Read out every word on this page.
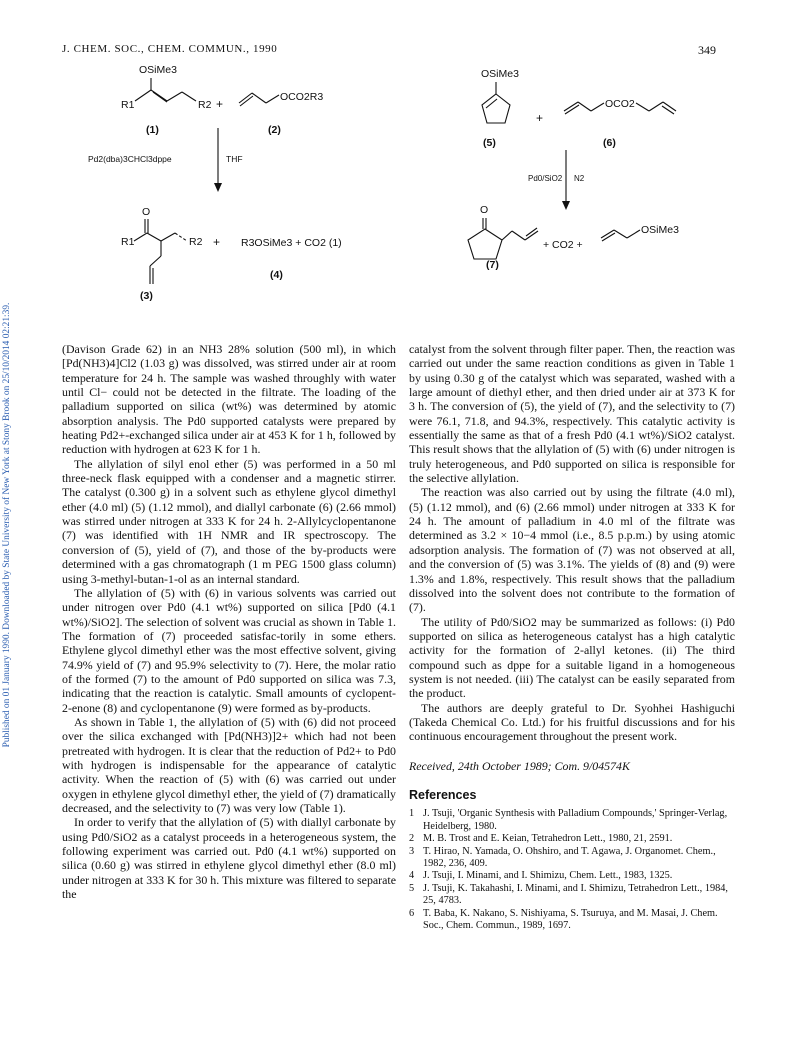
J. CHEM. SOC., CHEM. COMMUN., 1990	349
Published on 01 January 1990. Downloaded by State University of New York at Stony Brook on 25/10/2014 02:21:39.
OSiMe3
R1	R2
(1)
+	OCO2R3
(2)
Pd2(dba)3CHCl3dppe	THF
O
R1	R2
(3)
+ R3OSiMe3 + CO2 (1)
(4)
OSiMe3
(5)
+
OCO2
(6)
Pd0/SiO2 N2
O
(7)
+ CO2 +
OSiMe3

(Davison Grade 62) in an NH3 28% solution (500 ml), in which [Pd(NH3)4]Cl2 (1.03 g) was dissolved, was stirred under air at room temperature for 24 h. The sample was washed throughly with water until Cl− could not be detected in the filtrate. The loading of the palladium supported on silica (wt%) was determined by atomic absorption analysis. The Pd0 supported catalysts were prepared by heating Pd2+-exchanged silica under air at 453 K for 1 h, followed by reduction with hydrogen at 623 K for 1 h.

The allylation of silyl enol ether (5) was performed in a 50 ml three-neck flask equipped with a condenser and a magnetic stirrer. The catalyst (0.300 g) in a solvent such as ethylene glycol dimethyl ether (4.0 ml) (5) (1.12 mmol), and diallyl carbonate (6) (2.66 mmol) was stirred under nitrogen at 333 K for 24 h. 2-Allylcyclopentanone (7) was identified with 1H NMR and IR spectroscopy. The conversion of (5), yield of (7), and those of the by-products were determined with a gas chromatograph (1 m PEG 1500 glass column) using 3-methyl-butan-1-ol as an internal standard.

The allylation of (5) with (6) in various solvents was carried out under nitrogen over Pd0 (4.1 wt%) supported on silica [Pd0 (4.1 wt%)/SiO2]. The selection of solvent was crucial as shown in Table 1. The formation of (7) proceeded satisfac-torily in some ethers. Ethylene glycol dimethyl ether was the most effective solvent, giving 74.9% yield of (7) and 95.9% selectivity to (7). Here, the molar ratio of the formed (7) to the amount of Pd0 supported on silica was 7.3, indicating that the reaction is catalytic. Small amounts of cyclopent-2-enone (8) and cyclopentanone (9) were formed as by-products.

As shown in Table 1, the allylation of (5) with (6) did not proceed over the silica exchanged with [Pd(NH3)]2+ which had not been pretreated with hydrogen. It is clear that the reduction of Pd2+ to Pd0 with hydrogen is indispensable for the appearance of catalytic activity. When the reaction of (5) with (6) was carried out under oxygen in ethylene glycol dimethyl ether, the yield of (7) dramatically decreased, and the selectivity to (7) was very low (Table 1).

In order to verify that the allylation of (5) with diallyl carbonate by using Pd0/SiO2 as a catalyst proceeds in a heterogeneous system, the following experiment was carried out. Pd0 (4.1 wt%) supported on silica (0.60 g) was stirred in ethylene glycol dimethyl ether (8.0 ml) under nitrogen at 333 K for 30 h. This mixture was filtered to separate the

catalyst from the solvent through filter paper. Then, the reaction was carried out under the same reaction conditions as given in Table 1 by using 0.30 g of the catalyst which was separated, washed with a large amount of diethyl ether, and then dried under air at 373 K for 3 h. The conversion of (5), the yield of (7), and the selectivity to (7) were 76.1, 71.8, and 94.3%, respectively. This catalytic activity is essentially the same as that of a fresh Pd0 (4.1 wt%)/SiO2 catalyst. This result shows that the allylation of (5) with (6) under nitrogen is truly heterogeneous, and Pd0 supported on silica is responsible for the selective allylation.

The reaction was also carried out by using the filtrate (4.0 ml), (5) (1.12 mmol), and (6) (2.66 mmol) under nitrogen at 333 K for 24 h. The amount of palladium in 4.0 ml of the filtrate was determined as 3.2 × 10−4 mmol (i.e., 8.5 p.p.m.) by using atomic adsorption analysis. The formation of (7) was not observed at all, and the conversion of (5) was 3.1%. The yields of (8) and (9) were 1.3% and 1.8%, respectively. This result shows that the palladium dissolved into the solvent does not contribute to the formation of (7).

The utility of Pd0/SiO2 may be summarized as follows: (i) Pd0 supported on silica as heterogeneous catalyst has a high catalytic activity for the formation of 2-allyl ketones. (ii) The third compound such as dppe for a suitable ligand in a homogeneous system is not needed. (iii) The catalyst can be easily separated from the product.

The authors are deeply grateful to Dr. Syohhei Hashiguchi (Takeda Chemical Co. Ltd.) for his fruitful discussions and for his continuous encouragement throughout the present work.

Received, 24th October 1989; Com. 9/04574K

References
1 J. Tsuji, 'Organic Synthesis with Palladium Compounds,' Springer-Verlag, Heidelberg, 1980.
2 M. B. Trost and E. Keian, Tetrahedron Lett., 1980, 21, 2591.
3 T. Hirao, N. Yamada, O. Ohshiro, and T. Agawa, J. Organomet. Chem., 1982, 236, 409.
4 J. Tsuji, I. Minami, and I. Shimizu, Chem. Lett., 1983, 1325.
5 J. Tsuji, K. Takahashi, I. Minami, and I. Shimizu, Tetrahedron Lett., 1984, 25, 4783.
6 T. Baba, K. Nakano, S. Nishiyama, S. Tsuruya, and M. Masai, J. Chem. Soc., Chem. Commun., 1989, 1697.
